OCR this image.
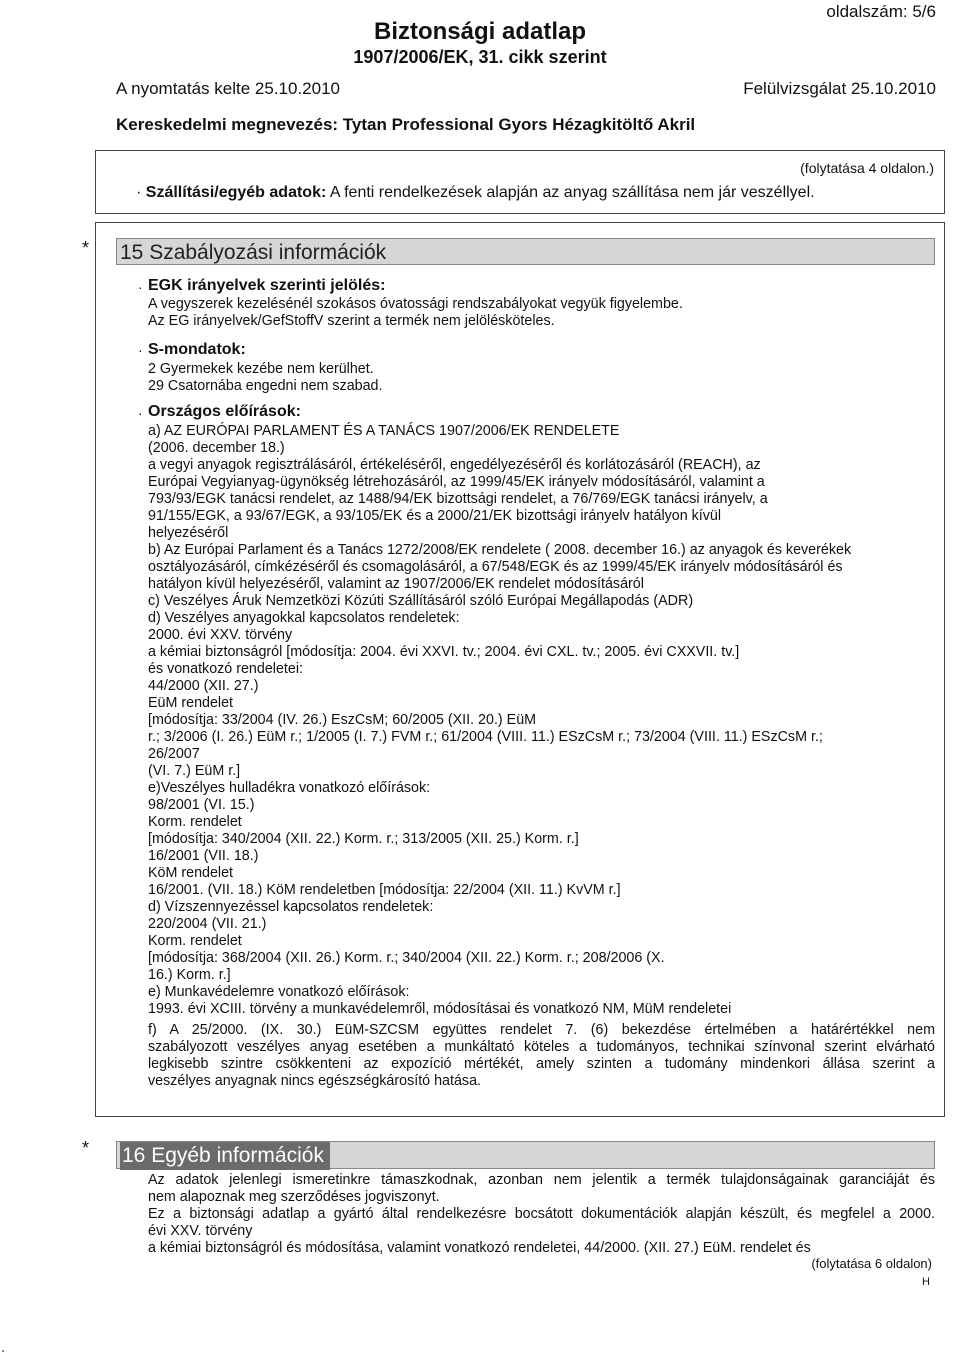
oldalszám: 5/6
Biztonsági adatlap
1907/2006/EK, 31. cikk szerint
A nyomtatás kelte 25.10.2010	Felülvizsgálat 25.10.2010
Kereskedelmi megnevezés: Tytan Professional Gyors Hézagkitöltő Akril
(folytatása 4 oldalon.)
· Szállítási/egyéb adatok: A fenti rendelkezések alapján az anyag szállítása nem jár veszéllyel.
* 15 Szabályozási információk
· EGK irányelvek szerinti jelölés:
A vegyszerek kezelésénél szokásos óvatossági rendszabályokat vegyük figyelembe.
Az EG irányelvek/GefStoffV szerint a termék nem jelölésköteles.
· S-mondatok:
2 Gyermekek kezébe nem kerülhet.
29 Csatornába engedni nem szabad.
· Országos előírások:
a) AZ EURÓPAI PARLAMENT ÉS A TANÁCS 1907/2006/EK RENDELETE
(2006. december 18.)
a vegyi anyagok regisztrálásáról, értékeléséről, engedélyezéséről és korlátozásáról (REACH), az
Európai Vegyianyag-ügynökség létrehozásáról, az 1999/45/EK irányelv módosításáról, valamint a
793/93/EGK tanácsi rendelet, az 1488/94/EK bizottsági rendelet, a 76/769/EGK tanácsi irányelv, a
91/155/EGK, a 93/67/EGK, a 93/105/EK és a 2000/21/EK bizottsági irányelv hatályon kívül
helyezéséről
b) Az Európai Parlament és a Tanács 1272/2008/EK rendelete ( 2008. december 16.) az anyagok és keverékek
osztályozásáról, címkézéséről és csomagolásáról, a 67/548/EGK és az 1999/45/EK irányelv módosításáról és
hatályon kívül helyezéséről, valamint az 1907/2006/EK rendelet módosításáról
c) Veszélyes Áruk Nemzetközi Közúti Szállításáról szóló Európai Megállapodás (ADR)
d) Veszélyes anyagokkal kapcsolatos rendeletek:
2000. évi XXV. törvény
a kémiai biztonságról [módosítja: 2004. évi XXVI. tv.; 2004. évi CXL. tv.; 2005. évi CXXVII. tv.]
és vonatkozó rendeletei:
44/2000 (XII. 27.)
EüM rendelet
[módosítja: 33/2004 (IV. 26.) EszCsM; 60/2005 (XII. 20.) EüM
r.; 3/2006 (I. 26.) EüM r.; 1/2005 (I. 7.) FVM r.; 61/2004 (VIII. 11.) ESzCsM r.; 73/2004 (VIII. 11.) ESzCsM r.;
26/2007
(VI. 7.) EüM r.]
e)Veszélyes hulladékra vonatkozó előírások:
98/2001 (VI. 15.)
Korm. rendelet
[módosítja: 340/2004 (XII. 22.) Korm. r.; 313/2005 (XII. 25.) Korm. r.]
16/2001 (VII. 18.)
KöM rendelet
16/2001. (VII. 18.) KöM rendeletben [módosítja: 22/2004 (XII. 11.) KvVM r.]
d) Vízszennyezéssel kapcsolatos rendeletek:
220/2004 (VII. 21.)
Korm. rendelet
[módosítja: 368/2004 (XII. 26.) Korm. r.; 340/2004 (XII. 22.) Korm. r.; 208/2006 (X.
16.) Korm. r.]
e) Munkavédelemre vonatkozó előírások:
1993. évi XCIII. törvény a munkavédelemről, módosításai és vonatkozó NM, MüM rendeletei
f) A 25/2000. (IX. 30.) EüM-SZCSM együttes rendelet 7. (6) bekezdése értelmében a határértékkel nem
szabályozott veszélyes anyag esetében a munkáltató köteles a tudományos, technikai színvonal szerint elvárható
legkisebb szintre csökkenteni az expozíció mértékét, amely szinten a tudomány mindenkori állása szerint a
veszélyes anyagnak nincs egészségkárosító hatása.
* 16 Egyéb információk
Az adatok jelenlegi ismeretinkre támaszkodnak, azonban nem jelentik a termék tulajdonságainak garanciáját és
nem alapoznak meg szerződéses jogviszonyt.
Ez a biztonsági adatlap a gyártó által rendelkezésre bocsátott dokumentációk alapján készült, és megfelel a 2000.
évi XXV. törvény
a kémiai biztonságról és módosítása, valamint vonatkozó rendeletei, 44/2000. (XII. 27.) EüM. rendelet és
(folytatása 6 oldalon)
H
